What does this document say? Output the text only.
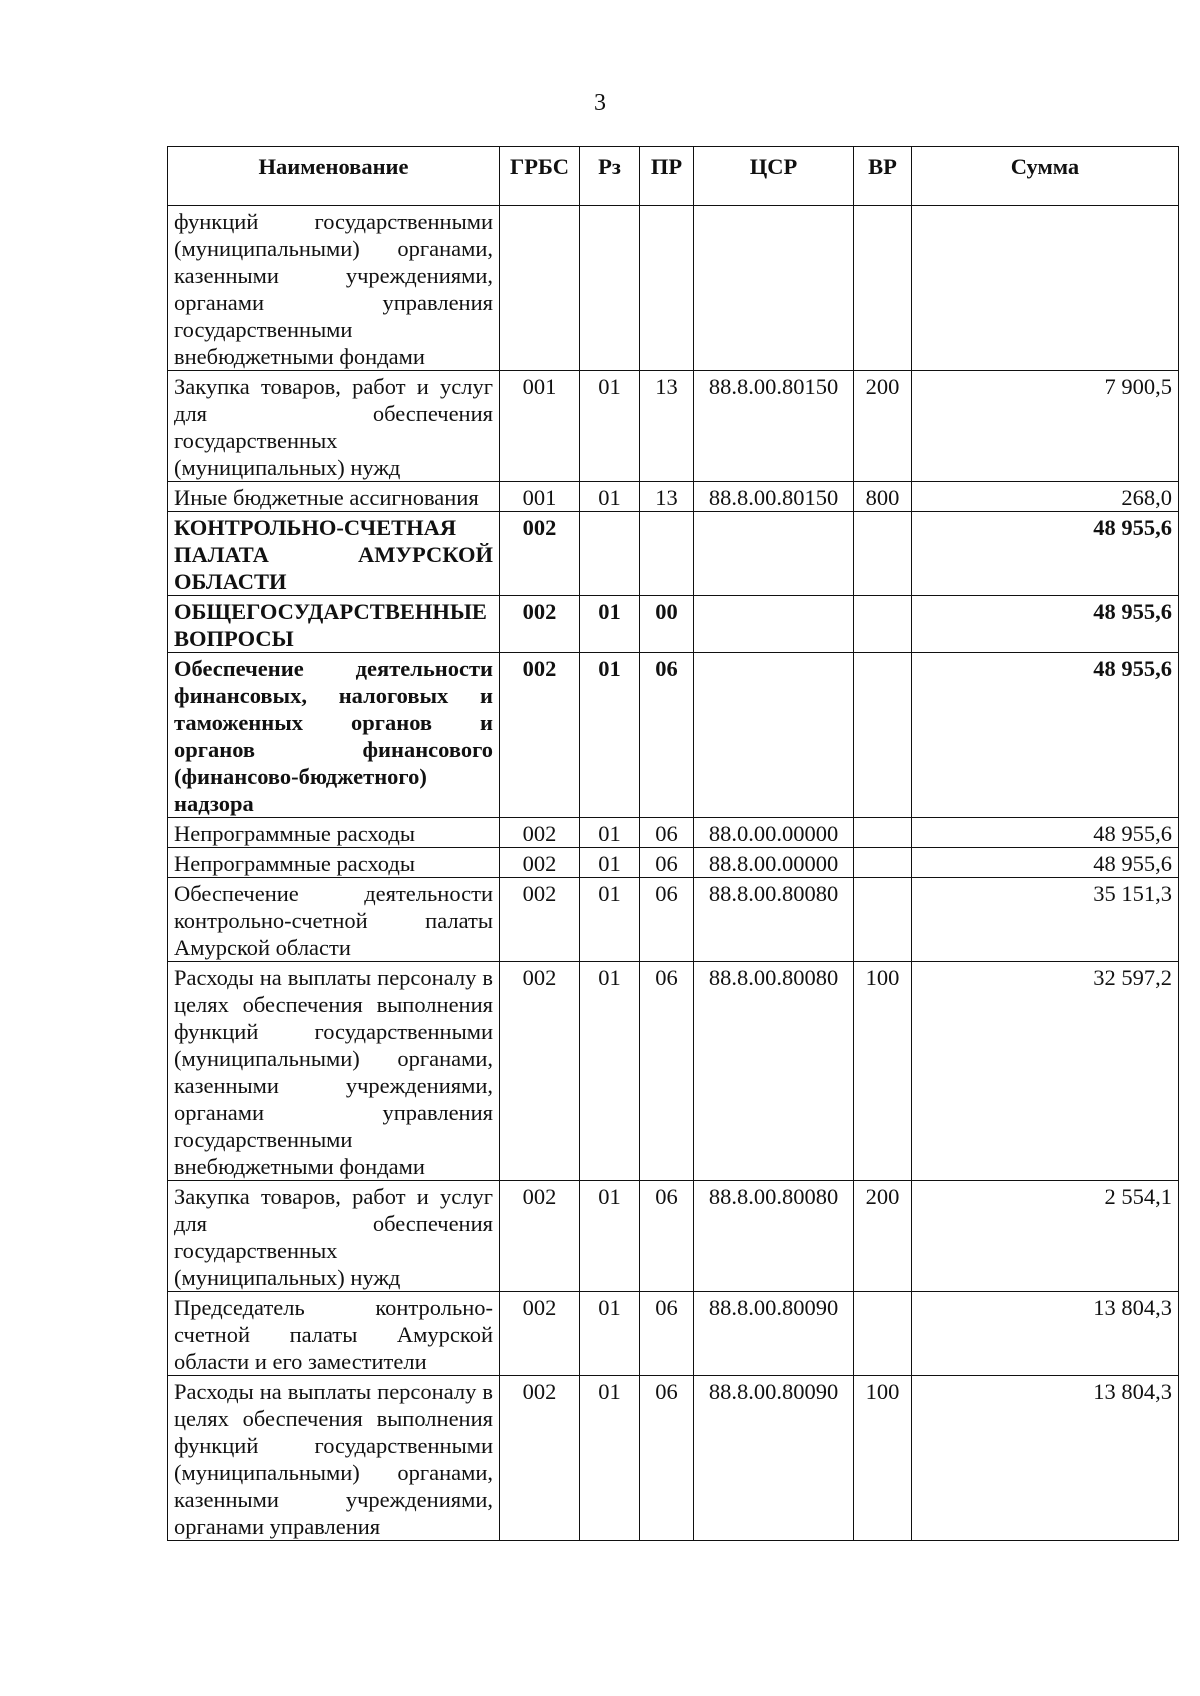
3
Наименование	ГРБС	Рз	ПР	ЦСР	ВР	Сумма
функций государственными (муниципальными) органами, казенными учреждениями, органами управления государственными внебюджетными фондами						
Закупка товаров, работ и услуг для обеспечения государственных (муниципальных) нужд	001	01	13	88.8.00.80150	200	7 900,5
Иные бюджетные ассигнования	001	01	13	88.8.00.80150	800	268,0
КОНТРОЛЬНО-СЧЕТНАЯ ПАЛАТА АМУРСКОЙ ОБЛАСТИ	002					48 955,6
ОБЩЕГОСУДАРСТВЕННЫЕ ВОПРОСЫ	002	01	00			48 955,6
Обеспечение деятельности финансовых, налоговых и таможенных органов и органов финансового (финансово-бюджетного) надзора	002	01	06			48 955,6
Непрограммные расходы	002	01	06	88.0.00.00000		48 955,6
Непрограммные расходы	002	01	06	88.8.00.00000		48 955,6
Обеспечение деятельности контрольно-счетной палаты Амурской области	002	01	06	88.8.00.80080		35 151,3
Расходы на выплаты персоналу в целях обеспечения выполнения функций государственными (муниципальными) органами, казенными учреждениями, органами управления государственными внебюджетными фондами	002	01	06	88.8.00.80080	100	32 597,2
Закупка товаров, работ и услуг для обеспечения государственных (муниципальных) нужд	002	01	06	88.8.00.80080	200	2 554,1
Председатель контрольно-счетной палаты Амурской области и его заместители	002	01	06	88.8.00.80090		13 804,3
Расходы на выплаты персоналу в целях обеспечения выполнения функций государственными (муниципальными) органами, казенными учреждениями, органами управления	002	01	06	88.8.00.80090	100	13 804,3
